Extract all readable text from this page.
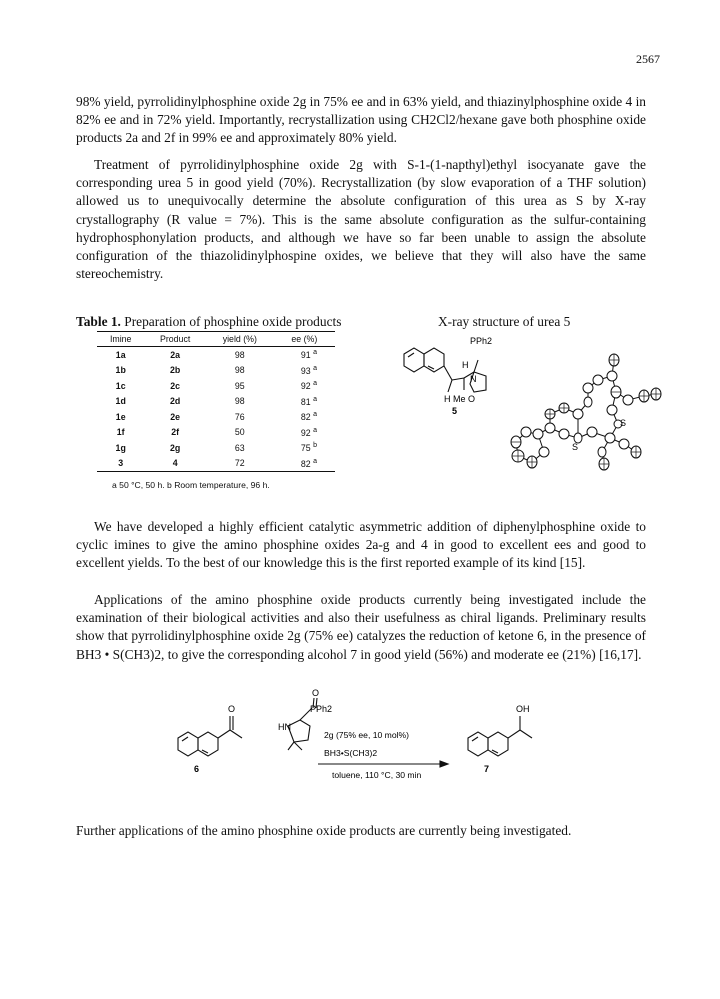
2567

98% yield, pyrrolidinylphosphine oxide 2g in 75% ee and in 63% yield, and thiazinylphosphine oxide 4 in 82% ee and in 72% yield. Importantly, recrystallization using CH2Cl2/hexane gave both phosphine oxide products 2a and 2f in 99% ee and approximately 80% yield.

Treatment of pyrrolidinylphosphine oxide 2g with S-1-(1-napthyl)ethyl isocyanate gave the corresponding urea 5 in good yield (70%). Recrystallization (by slow evaporation of a THF solution) allowed us to unequivocally determine the absolute configuration of this urea as S by X-ray crystallography (R value = 7%). This is the same absolute configuration as the sulfur-containing hydrophosphonylation products, and although we have so far been unable to assign the absolute configuration of the thiazolidinylphospine oxides, we believe that they will also have the same stereochemistry.

Table 1. Preparation of phosphine oxide products	X-ray structure of urea 5
Imine	Product	yield (%)	ee (%)
1a	2a	98	91 $^a$
1b	2b	98	93 $^a$
1c	2c	95	92 $^a$
1d	2d	98	81 $^a$
1e	2e	76	82 $^a$
1f	2f	50	92 $^a$
1g	2g	63	75 $^b$
3	4	72	82 $^a$
a 50 °C, 50 h. b Room temperature, 96 h.
H
N
H Me O
5
PPh2
S
S

We have developed a highly efficient catalytic asymmetric addition of diphenylphosphine oxide to cyclic imines to give the amino phosphine oxides 2a-g and 4 in good to excellent ees and good to excellent yields. To the best of our knowledge this is the first reported example of its kind [15].

Applications of the amino phosphine oxide products currently being investigated include the examination of their biological activities and also their usefulness as chiral ligands. Preliminary results show that pyrrolidinylphosphine oxide 2g (75% ee) catalyzes the reduction of ketone 6, in the presence of BH3 • S(CH3)2, to give the corresponding alcohol 7 in good yield (56%) and moderate ee (21%) [16,17].

O
O
PPh2
HN
2g (75% ee, 10 mol%)
BH3•S(CH3)2
toluene, 110 °C, 30 min
OH
6	7

Further applications of the amino phosphine oxide products are currently being investigated.
